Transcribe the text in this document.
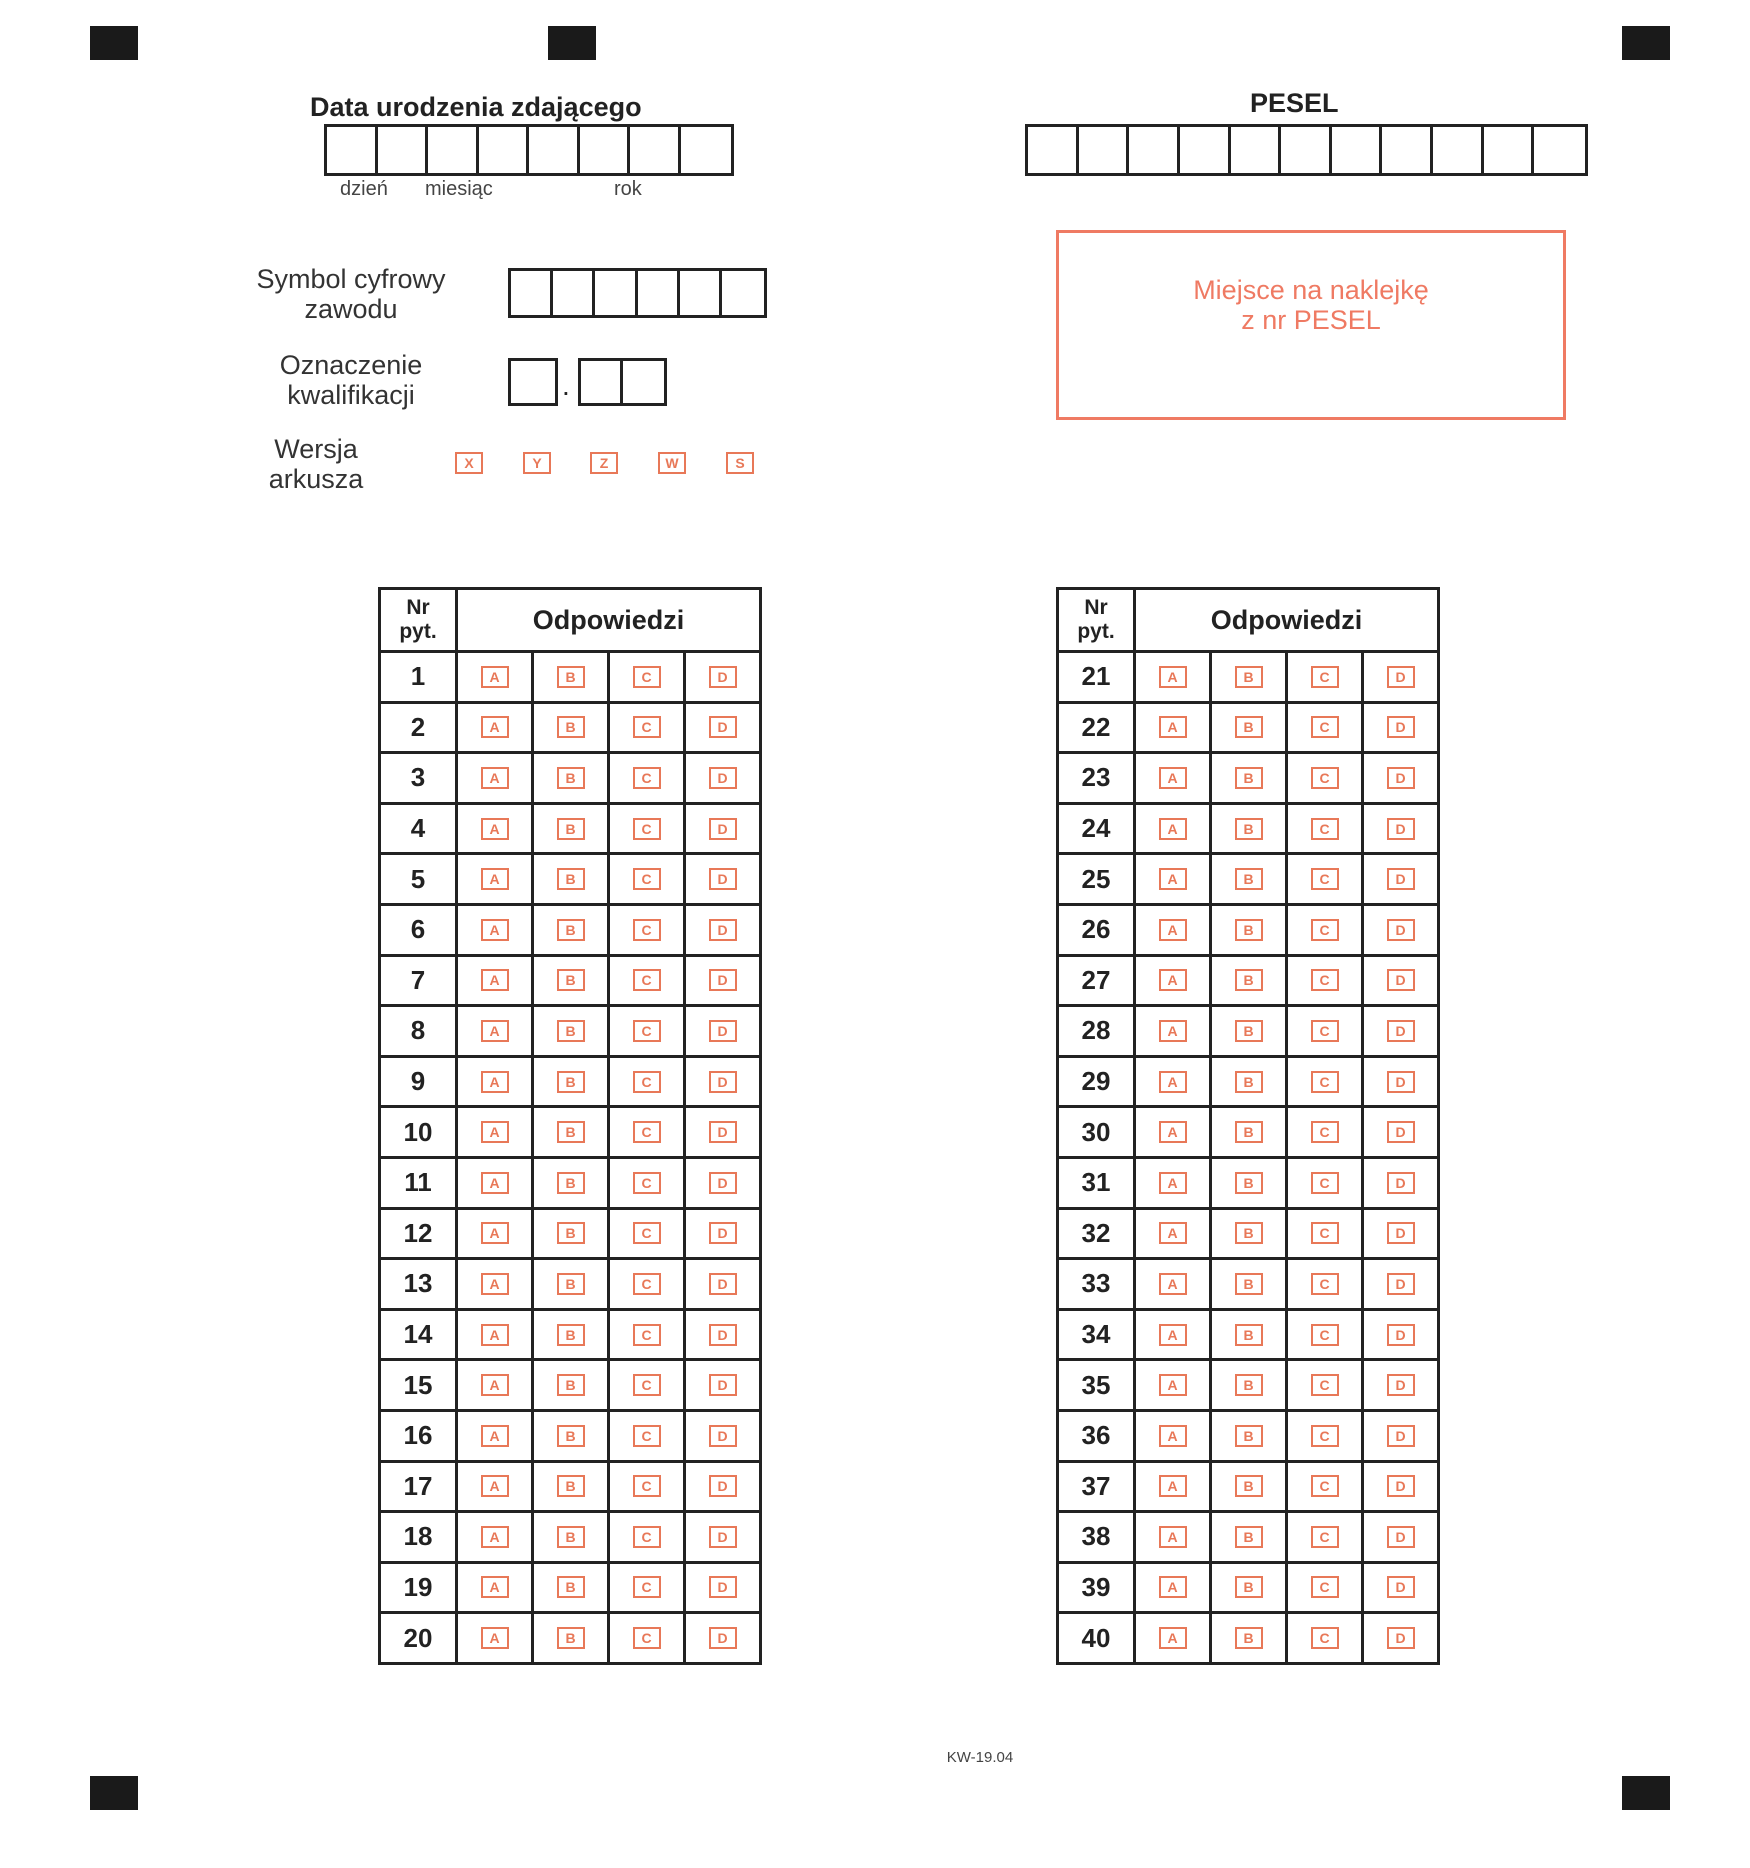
Data urodzenia zdającego
dzień miesiąc	rok
PESEL
Symbol cyfrowy
zawodu
Oznaczenie
kwalifikacji	.
Wersja
arkusza
X	Y	Z	W	S
Miejsce na naklejkę
z nr PESEL
Nr
pyt.	Odpowiedzi			
1	A	B	C	D
2	A	B	C	D
3	A	B	C	D
4	A	B	C	D
5	A	B	C	D
6	A	B	C	D
7	A	B	C	D
8	A	B	C	D
9	A	B	C	D
10	A	B	C	D
11	A	B	C	D
12	A	B	C	D
13	A	B	C	D
14	A	B	C	D
15	A	B	C	D
16	A	B	C	D
17	A	B	C	D
18	A	B	C	D
19	A	B	C	D
20	A	B	C	D
Nr
pyt.	Odpowiedzi			
21	A	B	C	D
22	A	B	C	D
23	A	B	C	D
24	A	B	C	D
25	A	B	C	D
26	A	B	C	D
27	A	B	C	D
28	A	B	C	D
29	A	B	C	D
30	A	B	C	D
31	A	B	C	D
32	A	B	C	D
33	A	B	C	D
34	A	B	C	D
35	A	B	C	D
36	A	B	C	D
37	A	B	C	D
38	A	B	C	D
39	A	B	C	D
40	A	B	C	D
KW-19.04
